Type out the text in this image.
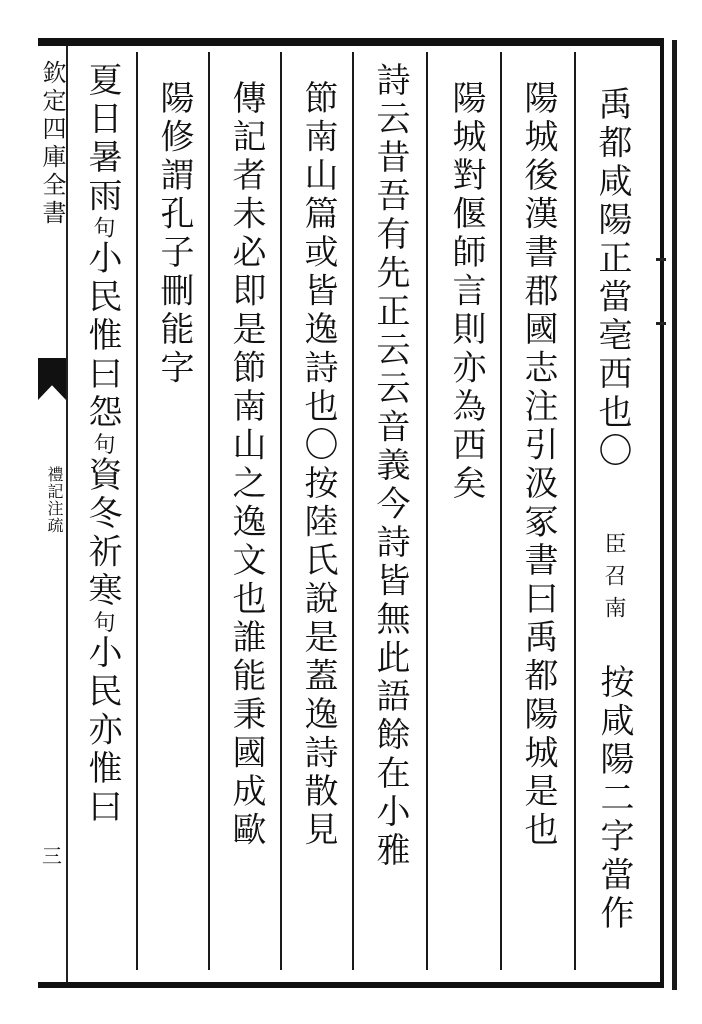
欽定四庫全書
禮記注疏
三
禹都咸陽正當亳西也〇
臣召南
按咸陽二字當作
陽城後漢書郡國志注引汲冢書曰禹都陽城是也
陽城對偃師言則亦為西矣
詩云昔吾有先正云云音義今詩皆無此語餘在小雅
節南山篇或皆逸詩也〇按陸氏說是蓋逸詩散見
傳記者未必即是節南山之逸文也誰能秉國成歐
陽修謂孔子刪能字
夏日暑雨句小民惟曰怨句資冬祈寒句小民亦惟曰
